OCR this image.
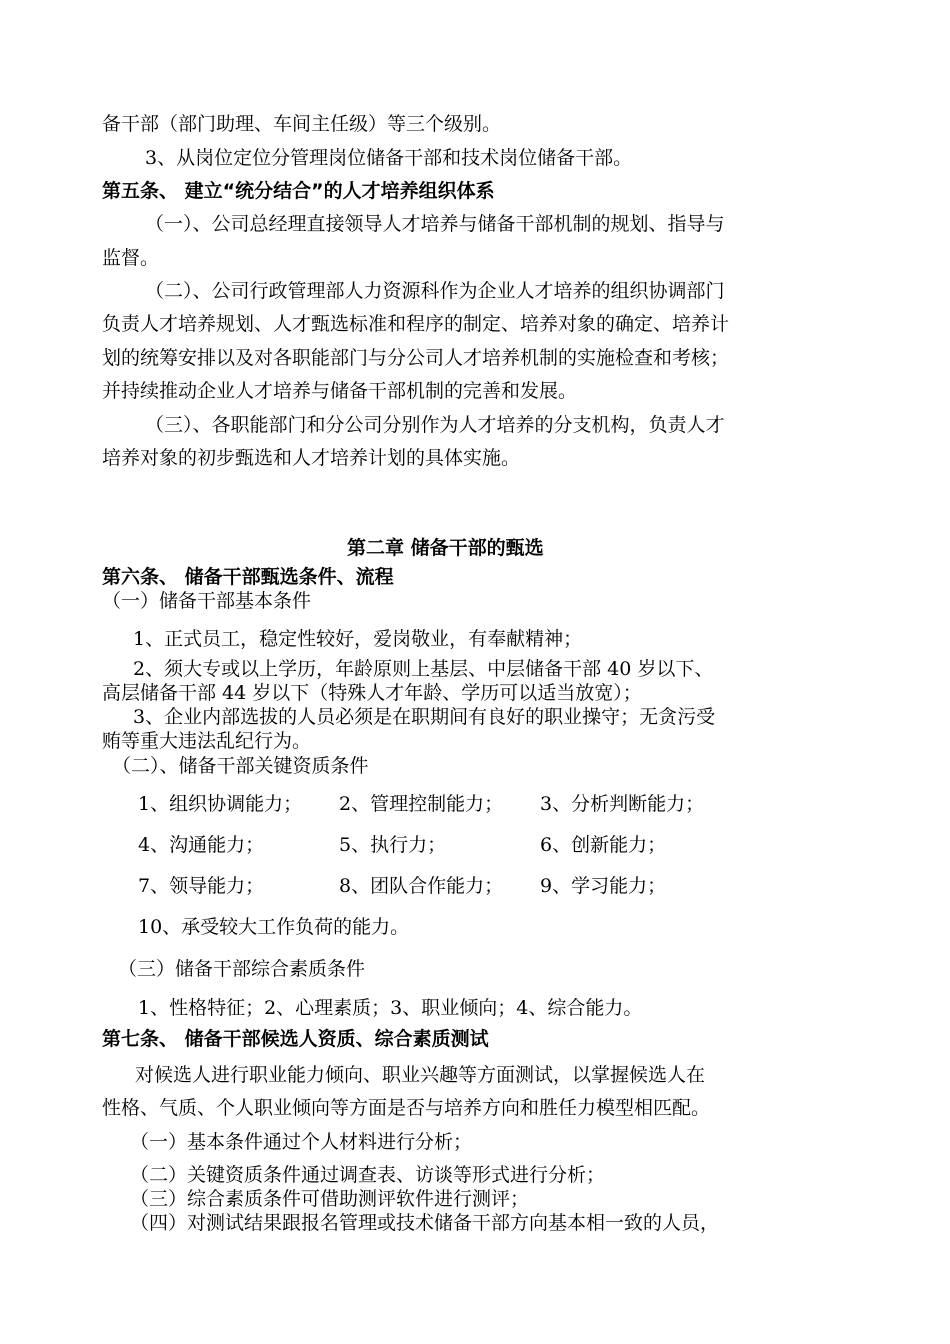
备干部（部门助理、车间主任级）等三个级别。
3、从岗位定位分管理岗位储备干部和技术岗位储备干部。
第五条、 建立“统分结合”的人才培养组织体系
（一）、公司总经理直接领导人才培养与储备干部机制的规划、指导与
监督。
（二）、公司行政管理部人力资源科作为企业人才培养的组织协调部门
负责人才培养规划、人才甄选标准和程序的制定、培养对象的确定、培养计
划的统筹安排以及对各职能部门与分公司人才培养机制的实施检查和考核；
并持续推动企业人才培养与储备干部机制的完善和发展。
（三）、各职能部门和分公司分别作为人才培养的分支机构，负责人才
培养对象的初步甄选和人才培养计划的具体实施。
第二章 储备干部的甄选
第六条、 储备干部甄选条件、流程
（一）储备干部基本条件
1、正式员工，稳定性较好，爱岗敬业，有奉献精神；
2、须大专或以上学历，年龄原则上基层、中层储备干部 40 岁以下、
高层储备干部 44 岁以下（特殊人才年龄、学历可以适当放宽）；
3、企业内部选拔的人员必须是在职期间有良好的职业操守；无贪污受
贿等重大违法乱纪行为。
（二）、储备干部关键资质条件
1、组织协调能力； 2、管理控制能力； 3、分析判断能力；
4、沟通能力；	5、执行力；	6、创新能力；
7、领导能力；	8、团队合作能力； 9、学习能力；
10、承受较大工作负荷的能力。
（三）储备干部综合素质条件
1、性格特征；2、心理素质；3、职业倾向；4、综合能力。
第七条、 储备干部候选人资质、综合素质测试
对候选人进行职业能力倾向、职业兴趣等方面测试，以掌握候选人在
性格、气质、个人职业倾向等方面是否与培养方向和胜任力模型相匹配。
（一）基本条件通过个人材料进行分析；
（二）关键资质条件通过调查表、访谈等形式进行分析；
（三）综合素质条件可借助测评软件进行测评；
（四）对测试结果跟报名管理或技术储备干部方向基本相一致的人员，
